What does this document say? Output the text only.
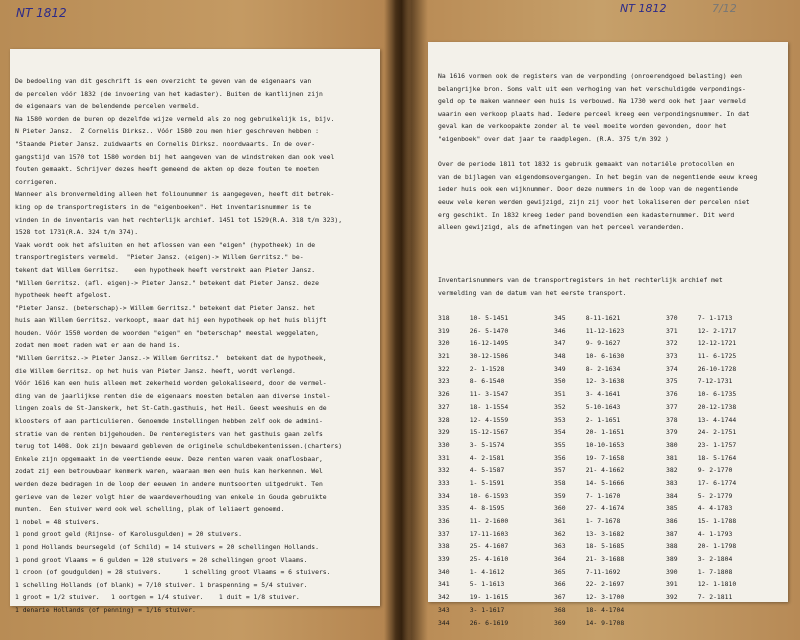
NT 1812	NT 1812	7/12
De bedoeling van dit geschrift is een overzicht te geven van de eigenaars van
de percelen vóór 1832 (de invoering van het kadaster). Buiten de kantlijnen zijn
de eigenaars van de belendende percelen vermeld.
Na 1580 worden de buren op dezelfde wijze vermeld als zo nog gebruikelijk is, bijv.
N Pieter Jansz.  Z Cornelis Dirksz.. Vóór 1580 zou men hier geschreven hebben :
"Staande Pieter Jansz. zuidwaarts en Cornelis Dirksz. noordwaarts. In de over-
gangstijd van 1570 tot 1580 worden bij het aangeven van de windstreken dan ook veel
fouten gemaakt. Schrijver dezes heeft gemeend de akten op deze fouten te moeten
corrigeren.
Wanneer als bronvermelding alleen het foliounummer is aangegeven, heeft dit betrek-
king op de transportregisters in de "eigenboeken". Het inventarisnummer is te
vinden in de inventaris van het rechterlijk archief. 1451 tot 1529(R.A. 318 t/m 323),
1528 tot 1731(R.A. 324 t/m 374).
Vaak wordt ook het afsluiten en het aflossen van een "eigen" (hypotheek) in de
transportregisters vermeld.  "Pieter Jansz. (eigen)-> Willem Gerritsz." be-
tekent dat Willem Gerritsz.    een hypotheek heeft verstrekt aan Pieter Jansz.
"Willem Gerritsz. (afl. eigen)-> Pieter Jansz." betekent dat Pieter Jansz. deze
hypotheek heeft afgelost.
"Pieter Jansz. (beterschap)-> Willem Gerritsz." betekent dat Pieter Jansz. het
huis aan Willem Gerritsz. verkoopt, maar dat hij een hypotheek op het huis blijft
houden. Vóór 1550 worden de woorden "eigen" en "beterschap" meestal weggelaten,
zodat men moet raden wat er aan de hand is.
"Willem Gerritsz.-> Pieter Jansz.-> Willem Gerritsz."  betekent dat de hypotheek,
die Willem Gerritsz. op het huis van Pieter Jansz. heeft, wordt verlengd.
Vóór 1616 kan een huis alleen met zekerheid worden gelokaliseerd, door de vermel-
ding van de jaarlijkse renten die de eigenaars moesten betalen aan diverse instel-
lingen zoals de St-Janskerk, het St-Cath.gasthuis, het Heil. Geest weeshuis en de
kloosters of aan particulieren. Genoemde instellingen hebben zelf ook de admini-
stratie van de renten bijgehouden. De renteregisters van het gasthuis gaan zelfs
terug tot 1408. Ook zijn bewaard gebleven de originele schuldbekentenissen.(charters)
Enkele zijn opgemaakt in de veertiende eeuw. Deze renten waren vaak onaflosbaar,
zodat zij een betrouwbaar kenmerk waren, waaraan men een huis kan herkennen. Wel
werden deze bedragen in de loop der eeuwen in andere muntsoorten uitgedrukt. Ten
gerieve van de lezer volgt hier de waardeverhouding van enkele in Gouda gebruikte
munten.  Een stuiver werd ook wel schelling, plak of leliaert genoemd.
1 nobel = 48 stuivers.
1 pond groot geld (Rijnse- of Karolusgulden) = 20 stuivers.
1 pond Hollands beursegeld (of Schild) = 14 stuivers = 20 schellingen Hollands.
1 pond groot Vlaams = 6 gulden = 120 stuivers = 20 schellingen groot Vlaams.
1 croon (of goudgulden) = 28 stuivers.      1 schelling groot Vlaams = 6 stuivers.
1 schelling Hollands (of blank) = 7/10 stuiver. 1 braspenning = 5/4 stuiver.
1 groot = 1/2 stuiver.   1 oortgen = 1/4 stuiver.    1 duit = 1/8 stuiver.
1 denarie Hollands (of penning) = 1/16 stuiver.
Na 1616 vormen ook de registers van de verponding (onroerendgoed belasting) een
belangrijke bron. Soms valt uit een verhoging van het verschuldigde verpondings-
geld op te maken wanneer een huis is verbouwd. Na 1730 werd ook het jaar vermeld
waarin een verkoop plaats had. Iedere perceel kreeg een verpondingsnummer. In dat
geval kan de verkoopakte zonder al te veel moeite worden gevonden, door het
"eigenboek" over dat jaar te raadplegen. (R.A. 375 t/m 392 )

Over de periode 1811 tot 1832 is gebruik gemaakt van notariële protocollen en
van de bijlagen van eigendomsovergangen. In het begin van de negentiende eeuw kreeg
ieder huis ook een wijknummer. Door deze nummers in de loop van de negentiende
eeuw vele keren werden gewijzigd, zijn zij voor het lokaliseren der percelen niet
erg geschikt. In 1832 kreeg ieder pand bovendien een kadasternummer. Dit werd
alleen gewijzigd, als de afmetingen van het perceel veranderden.
Inventarisnummers van de transportregisters in het rechterlijk archief met
vermelding van de datum van het eerste transport.
318  10- 5-1451
319  26- 5-1470
320  16-12-1495
321  30-12-1506
322  2- 1-1528
323  8- 6-1540
326  11- 3-1547
327  18- 1-1554
328  12- 4-1559
329  15-12-1567
330  3- 5-1574
331  4- 2-1581
332  4- 5-1587
333  1- 5-1591
334  10- 6-1593
335  4- 8-1595
336  11- 2-1600
337  17-11-1603
338  25- 4-1607
339  25- 4-1610
340  1- 4-1612
341  5- 1-1613
342  19- 1-1615
343  3- 1-1617
344  26- 6-1619
345  8-11-1621
346  11-12-1623
347  9- 9-1627
348  10- 6-1630
349  8- 2-1634
350  12- 3-1638
351  3- 4-1641
352  5-10-1643
353  2- 1-1651
354  20- 1-1651
355  10-10-1653
356  19- 7-1658
357  21- 4-1662
358  14- 5-1666
359  7- 1-1670
360  27- 4-1674
361  1- 7-1678
362  13- 3-1682
363  18- 5-1685
364  21- 3-1688
365  7-11-1692
366  22- 2-1697
367  12- 3-1700
368  18- 4-1704
369  14- 9-1708
370  7- 1-1713
371  12- 2-1717
372  12-12-1721
373  11- 6-1725
374  26-10-1728
375  7-12-1731
376  10- 6-1735
377  20-12-1738
378  13- 4-1744
379  24- 2-1751
380  23- 1-1757
381  18- 5-1764
382  9- 2-1770
383  17- 6-1774
384  5- 2-1779
385  4- 4-1783
386  15- 1-1788
387  4- 1-1793
388  20- 1-1798
389  3- 2-1804
390  1- 7-1808
391  12- 1-1810
392  7- 2-1811
